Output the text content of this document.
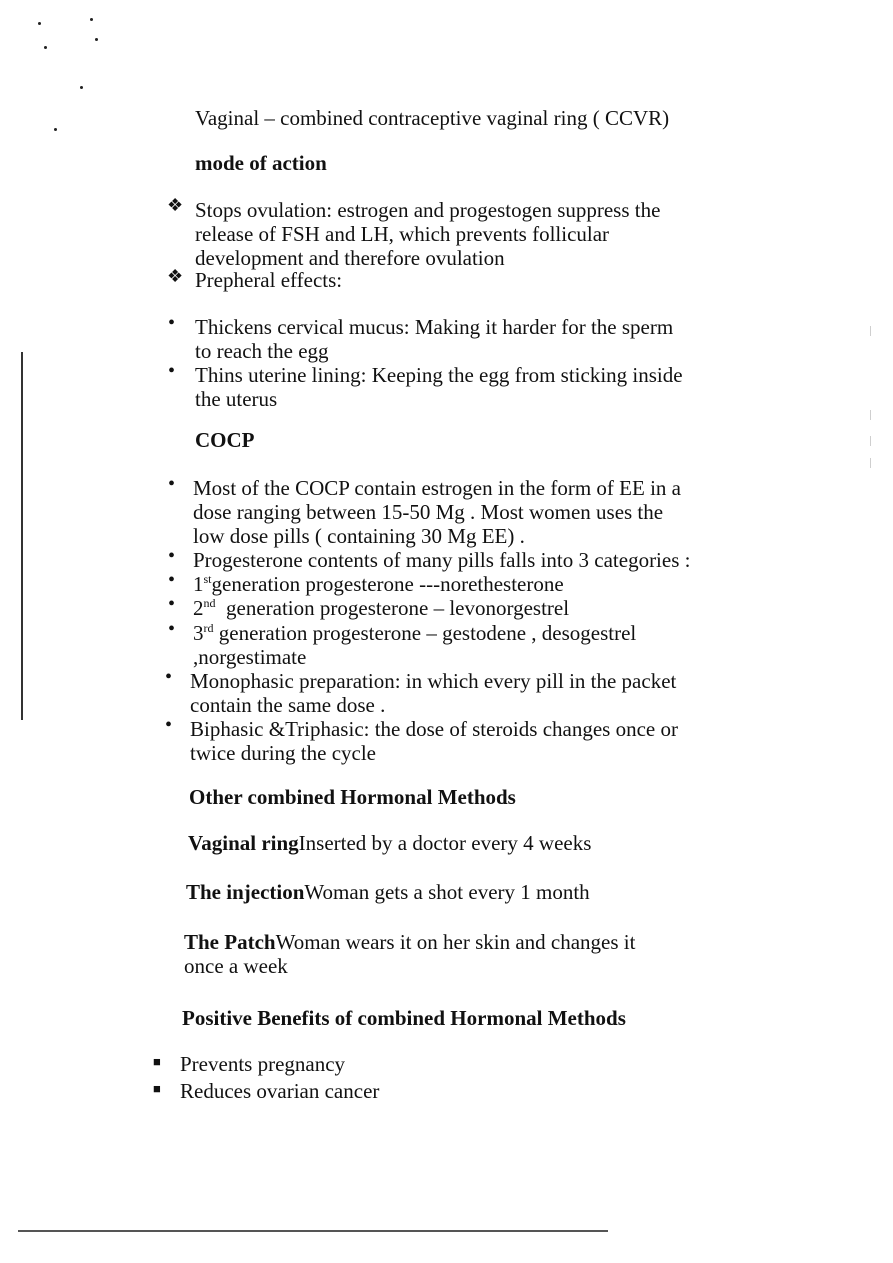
Vaginal – combined contraceptive vaginal ring ( CCVR)
mode of action
❖ Stops ovulation: estrogen and progestogen suppress the
release of FSH and LH, which prevents follicular
development and therefore ovulation
❖ Prepheral effects:
• Thickens cervical mucus: Making it harder for the sperm
to reach the egg
• Thins uterine lining: Keeping the egg from sticking inside
the uterus
COCP
• Most of the COCP contain estrogen in the form of EE in a
dose ranging between 15-50 Mg . Most women uses the
low dose pills ( containing 30 Mg EE) .
• Progesterone contents of many pills falls into 3 categories :
• 1stgeneration progesterone ---norethesterone
• 2nd generation progesterone – levonorgestrel
• 3rd generation progesterone – gestodene , desogestrel
,norgestimate
• Monophasic preparation: in which every pill in the packet
contain the same dose .
• Biphasic &Triphasic: the dose of steroids changes once or
twice during the cycle
Other combined Hormonal Methods
Vaginal ringInserted by a doctor every 4 weeks
The injectionWoman gets a shot every 1 month
The PatchWoman wears it on her skin and changes it
once a week
Positive Benefits of combined Hormonal Methods
■ Prevents pregnancy
■ Reduces ovarian cancer
